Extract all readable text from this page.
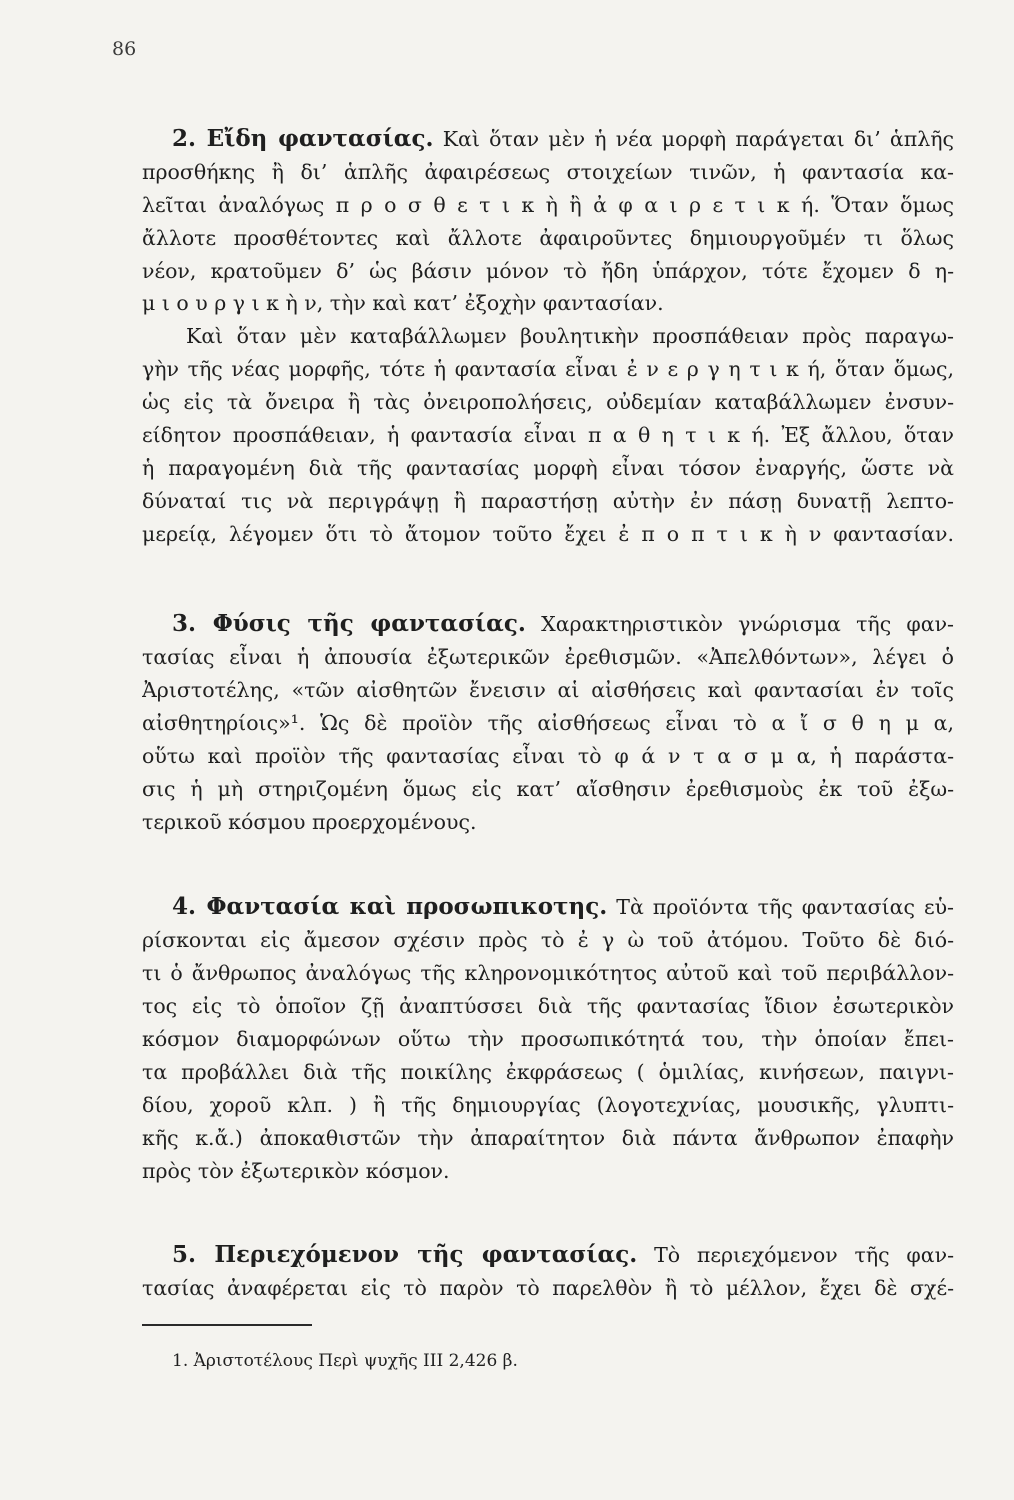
86
2. Εἴδη φαντασίας. Καὶ ὅταν μὲν ἡ νέα μορφὴ παράγεται δι’ ἁπλῆς
προσθήκης ἢ δι’ ἁπλῆς ἀφαιρέσεως στοιχείων τινῶν, ἡ φαντασία κα-
λεῖται ἀναλόγως π ρ ο σ θ ε τ ι κ ὴ ἢ ἀ φ α ι ρ ε τ ι κ ή. Ὅταν ὅμως
ἄλλοτε προσθέτοντες καὶ ἄλλοτε ἀφαιροῦντες δημιουργοῦμέν τι ὅλως
νέον, κρατοῦμεν δ’ ὡς βάσιν μόνον τὸ ἤδη ὑπάρχον, τότε ἔχομεν δ η-
μ ι ο υ ρ γ ι κ ὴ ν, τὴν καὶ κατ’ ἐξοχὴν φαντασίαν.
Καὶ ὅταν μὲν καταβάλλωμεν βουλητικὴν προσπάθειαν πρὸς παραγω-
γὴν τῆς νέας μορφῆς, τότε ἡ φαντασία εἶναι ἐ ν ε ρ γ η τ ι κ ή, ὅταν ὅμως,
ὡς εἰς τὰ ὄνειρα ἢ τὰς ὀνειροπολήσεις, οὐδεμίαν καταβάλλωμεν ἐνσυν-
είδητον προσπάθειαν, ἡ φαντασία εἶναι π α θ η τ ι κ ή. Ἐξ ἄλλου, ὅταν
ἡ παραγομένη διὰ τῆς φαντασίας μορφὴ εἶναι τόσον ἐναργής, ὥστε νὰ
δύναταί τις νὰ περιγράψῃ ἢ παραστήσῃ αὐτὴν ἐν πάσῃ δυνατῇ λεπτο-
μερείᾳ, λέγομεν ὅτι τὸ ἄτομον τοῦτο ἔχει ἐ π ο π τ ι κ ὴ ν φαντασίαν.
3. Φύσις τῆς φαντασίας. Χαρακτηριστικὸν γνώρισμα τῆς φαν-
τασίας εἶναι ἡ ἀπουσία ἐξωτερικῶν ἐρεθισμῶν. «Ἀπελθόντων», λέγει ὁ
Ἀριστοτέλης, «τῶν αἰσθητῶν ἔνεισιν αἱ αἰσθήσεις καὶ φαντασίαι ἐν τοῖς
αἰσθητηρίοις»¹. Ὡς δὲ προϊὸν τῆς αἰσθήσεως εἶναι τὸ α ἴ σ θ η μ α,
οὕτω καὶ προϊὸν τῆς φαντασίας εἶναι τὸ φ ά ν τ α σ μ α, ἡ παράστα-
σις ἡ μὴ στηριζομένη ὅμως εἰς κατ’ αἴσθησιν ἐρεθισμοὺς ἐκ τοῦ ἐξω-
τερικοῦ κόσμου προερχομένους.
4. Φαντασία καὶ προσωπικοτης. Τὰ προϊόντα τῆς φαντασίας εὑ-
ρίσκονται εἰς ἄμεσον σχέσιν πρὸς τὸ ἐ γ ὼ τοῦ ἀτόμου. Τοῦτο δὲ διό-
τι ὁ ἄνθρωπος ἀναλόγως τῆς κληρονομικότητος αὐτοῦ καὶ τοῦ περιβάλλον-
τος εἰς τὸ ὁποῖον ζῇ ἀναπτύσσει διὰ τῆς φαντασίας ἴδιον ἐσωτερικὸν
κόσμον διαμορφώνων οὕτω τὴν προσωπικότητά του, τὴν ὁποίαν ἔπει-
τα προβάλλει διὰ τῆς ποικίλης ἐκφράσεως ( ὁμιλίας, κινήσεων, παιγνι-
δίου, χοροῦ κλπ. ) ἢ τῆς δημιουργίας (λογοτεχνίας, μουσικῆς, γλυπτι-
κῆς κ.ἄ.) ἀποκαθιστῶν τὴν ἀπαραίτητον διὰ πάντα ἄνθρωπον ἐπαφὴν
πρὸς τὸν ἐξωτερικὸν κόσμον.
5. Περιεχόμενον τῆς φαντασίας. Τὸ περιεχόμενον τῆς φαν-
τασίας ἀναφέρεται εἰς τὸ παρὸν τὸ παρελθὸν ἢ τὸ μέλλον, ἔχει δὲ σχέ-
1. Ἀριστοτέλους Περὶ ψυχῆς III 2,426 β.
